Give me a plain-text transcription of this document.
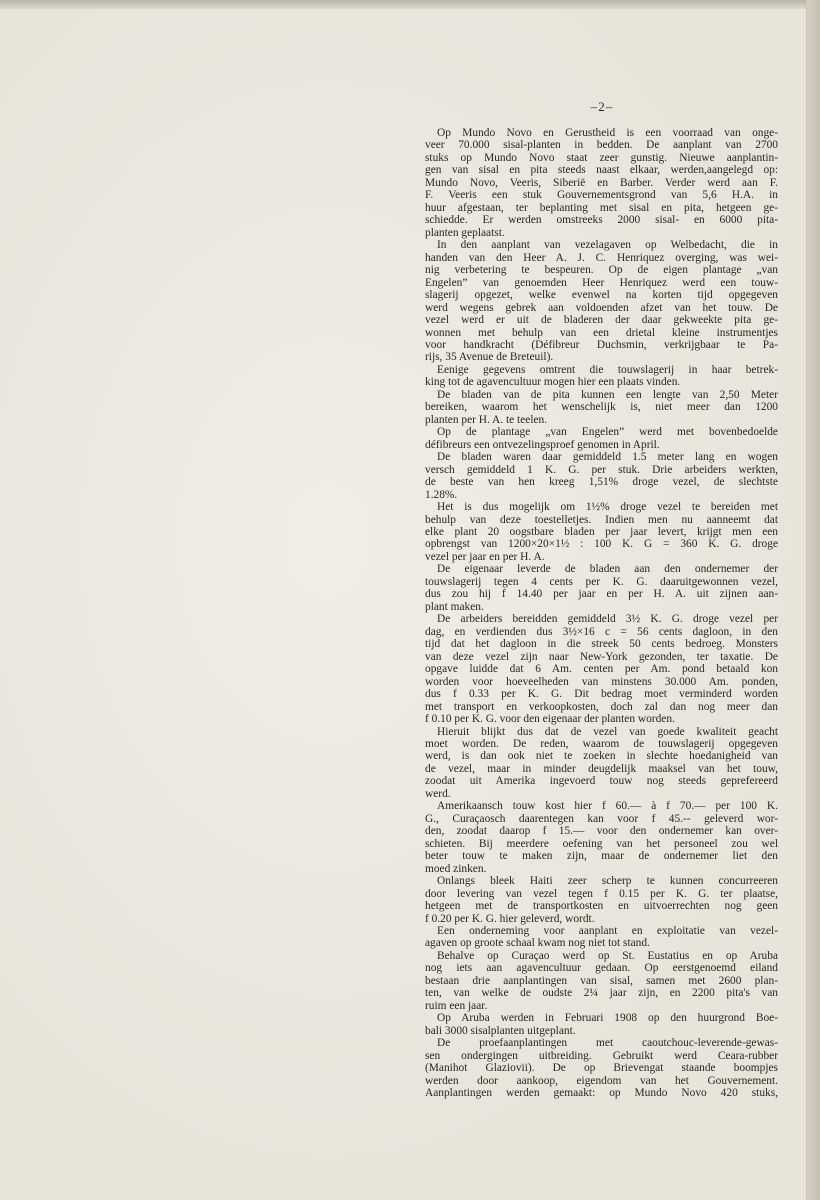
–2–
Op Mundo Novo en Gerustheid is een voorraad van onge-
veer 70.000 sisal-planten in bedden. De aanplant van 2700
stuks op Mundo Novo staat zeer gunstig. Nieuwe aanplantin-
gen van sisal en pita steeds naast elkaar, werden,aangelegd op:
Mundo Novo, Veeris, Siberië en Barber. Verder werd aan F.
F. Veeris een stuk Gouvernementsgrond van 5,6 H.A. in
huur afgestaan, ter beplanting met sisal en pita, hetgeen ge-
schiedde. Er werden omstreeks 2000 sisal- en 6000 pita-
planten geplaatst.
In den aanplant van vezelagaven op Welbedacht, die in
handen van den Heer A. J. C. Henriquez overging, was wei-
nig verbetering te bespeuren. Op de eigen plantage „van
Engelen” van genoemden Heer Henriquez werd een touw-
slagerij opgezet, welke evenwel na korten tijd opgegeven
werd wegens gebrek aan voldoenden afzet van het touw. De
vezel werd er uit de bladeren der daar gekweekte pita ge-
wonnen met behulp van een drietal kleine instrumentjes
voor handkracht (Défibreur Duchsmin, verkrijgbaar te Pa-
rijs, 35 Avenue de Breteuil).
Eenige gegevens omtrent die touwslagerij in haar betrek-
king tot de agavencultuur mogen hier een plaats vinden.
De bladen van de pita kunnen een lengte van 2,50 Meter
bereiken, waarom het wenschelijk is, niet meer dan 1200
planten per H. A. te teelen.
Op de plantage „van Engelen” werd met bovenbedoelde
défibreurs een ontvezelingsproef genomen in April.
De bladen waren daar gemiddeld 1.5 meter lang en wogen
versch gemiddeld 1 K. G. per stuk. Drie arbeiders werkten,
de beste van hen kreeg 1,51% droge vezel, de slechtste
1.28%.
Het is dus mogelijk om 1½% droge vezel te bereiden met
behulp van deze toestelletjes. Indien men nu aanneemt dat
elke plant 20 oogstbare bladen per jaar levert, krijgt men een
opbrengst van 1200×20×1½ : 100 K. G = 360 K. G. droge
vezel per jaar en per H. A.
De eigenaar leverde de bladen aan den ondernemer der
touwslagerij tegen 4 cents per K. G. daaruitgewonnen vezel,
dus zou hij f 14.40 per jaar en per H. A. uit zijnen aan-
plant maken.
De arbeiders bereidden gemiddeld 3½ K. G. droge vezel per
dag, en verdienden dus 3½×16 c = 56 cents dagloon, in den
tijd dat het dagloon in die streek 50 cents bedroeg. Monsters
van deze vezel zijn naar New-York gezonden, ter taxatie. De
opgave luidde dat 6 Am. centen per Am. pond betaald kon
worden voor hoeveelheden van minstens 30.000 Am. ponden,
dus f 0.33 per K. G. Dit bedrag moet verminderd worden
met transport en verkoopkosten, doch zal dan nog meer dan
f 0.10 per K. G. voor den eigenaar der planten worden.
Hieruit blijkt dus dat de vezel van goede kwaliteit geacht
moet worden. De reden, waarom de touwslagerij opgegeven
werd, is dan ook niet te zoeken in slechte hoedanigheid van
de vezel, maar in minder deugdelijk maaksel van het touw,
zoodat uit Amerika ingevoerd touw nog steeds geprefereerd
werd.
Amerikaansch touw kost hier f 60.— à f 70.— per 100 K.
G., Curaçaosch daarentegen kan voor f 45.-- geleverd wor-
den, zoodat daarop f 15.— voor den ondernemer kan over-
schieten. Bij meerdere oefening van het personeel zou wel
beter touw te maken zijn, maar de ondernemer liet den
moed zinken.
Onlangs bleek Haiti zeer scherp te kunnen concurreeren
door levering van vezel tegen f 0.15 per K. G. ter plaatse,
hetgeen met de transportkosten en uitvoerrechten nog geen
f 0.20 per K. G. hier geleverd, wordt.
Een onderneming voor aanplant en exploitatie van vezel-
agaven op groote schaal kwam nog niet tot stand.
Behalve op Curaçao werd op St. Eustatius en op Aruba
nog iets aan agavencultuur gedaan. Op eerstgenoemd eiland
bestaan drie aanplantingen van sisal, samen met 2600 plan-
ten, van welke de oudste 2¼ jaar zijn, en 2200 pita's van
ruim een jaar.
Op Aruba werden in Februari 1908 op den huurgrond Boe-
bali 3000 sisalplanten uitgeplant.
De proefaanplantingen met caoutchouc-leverende-gewas-
sen ondergingen uitbreiding. Gebruikt werd Ceara-rubber
(Manihot Glaziovii). De op Brievengat staande boompjes
werden door aankoop, eigendom van het Gouvernement.
Aanplantingen werden gemaakt: op Mundo Novo 420 stuks,
